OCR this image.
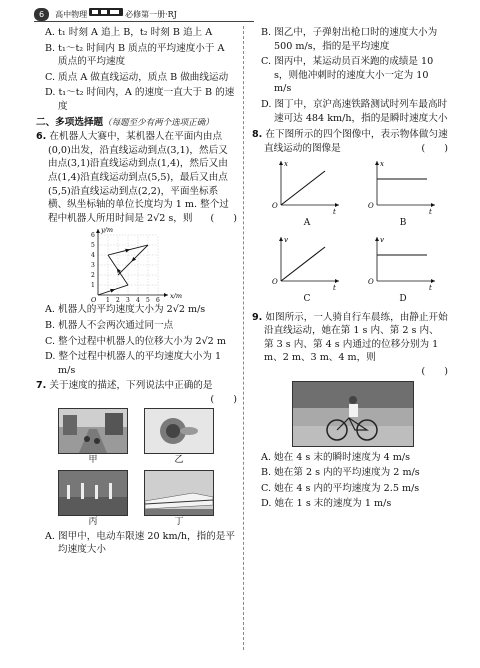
6	高中物理	必修第一册 ·RJ

A. t₁ 时刻 A 追上 B，t₂ 时刻 B 追上 A

B. t₁～t₂ 时间内 B 质点的平均速度小于 A 质点的平均速度

C. 质点 A 做直线运动，质点 B 做曲线运动

D. t₁～t₂ 时间内，A 的速度一直大于 B 的速度

二、多项选择题（每题至少有两个选项正确）

6. 在机器人大赛中，某机器人在平面内由点(0,0)出发，沿直线运动到点(3,1)，然后又由点(3,1)沿直线运动到点(1,4)，然后又由点(1,4)沿直线运动到点(5,5)，最后又由点(5,5)沿直线运动到点(2,2)，平面坐标系横、纵坐标轴的单位长度均为 1 m. 整个过程中机器人所用时间是 2√2 s，则 (　　)

x/m
y/m
O 1 2 3 4 5 6
1
2
3
4
5
6

A. 机器人的平均速度大小为 2√2 m/s

B. 机器人不会两次通过同一点

C. 整个过程中机器人的位移大小为 2√2 m

D. 整个过程中机器人的平均速度大小为 1 m/s

7. 关于速度的描述，下列说法中正确的是

(　　)

甲	乙
丙	丁

A. 图甲中，电动车限速 20 km/h，指的是平均速度大小

B. 图乙中，子弹射出枪口时的速度大小为 500 m/s，指的是平均速度

C. 图丙中，某运动员百米跑的成绩是 10 s，则他冲刺时的速度大小一定为 10 m/s

D. 图丁中，京沪高速铁路测试时列车最高时速可达 484 km/h，指的是瞬时速度大小

8. 在下图所示的四个图像中，表示物体做匀速直线运动的图像是	(　　)

x
t
O
A
x
t
O
B
v
t
O
C
v
t
O
D

9. 如图所示，一人骑自行车晨练，由静止开始沿直线运动，她在第 1 s 内、第 2 s 内、第 3 s 内、第 4 s 内通过的位移分别为 1 m、2 m、3 m、4 m，则

(　　)

A. 她在 4 s 末的瞬时速度为 4 m/s

B. 她在第 2 s 内的平均速度为 2 m/s

C. 她在 4 s 内的平均速度为 2.5 m/s

D. 她在 1 s 末的速度为 1 m/s
